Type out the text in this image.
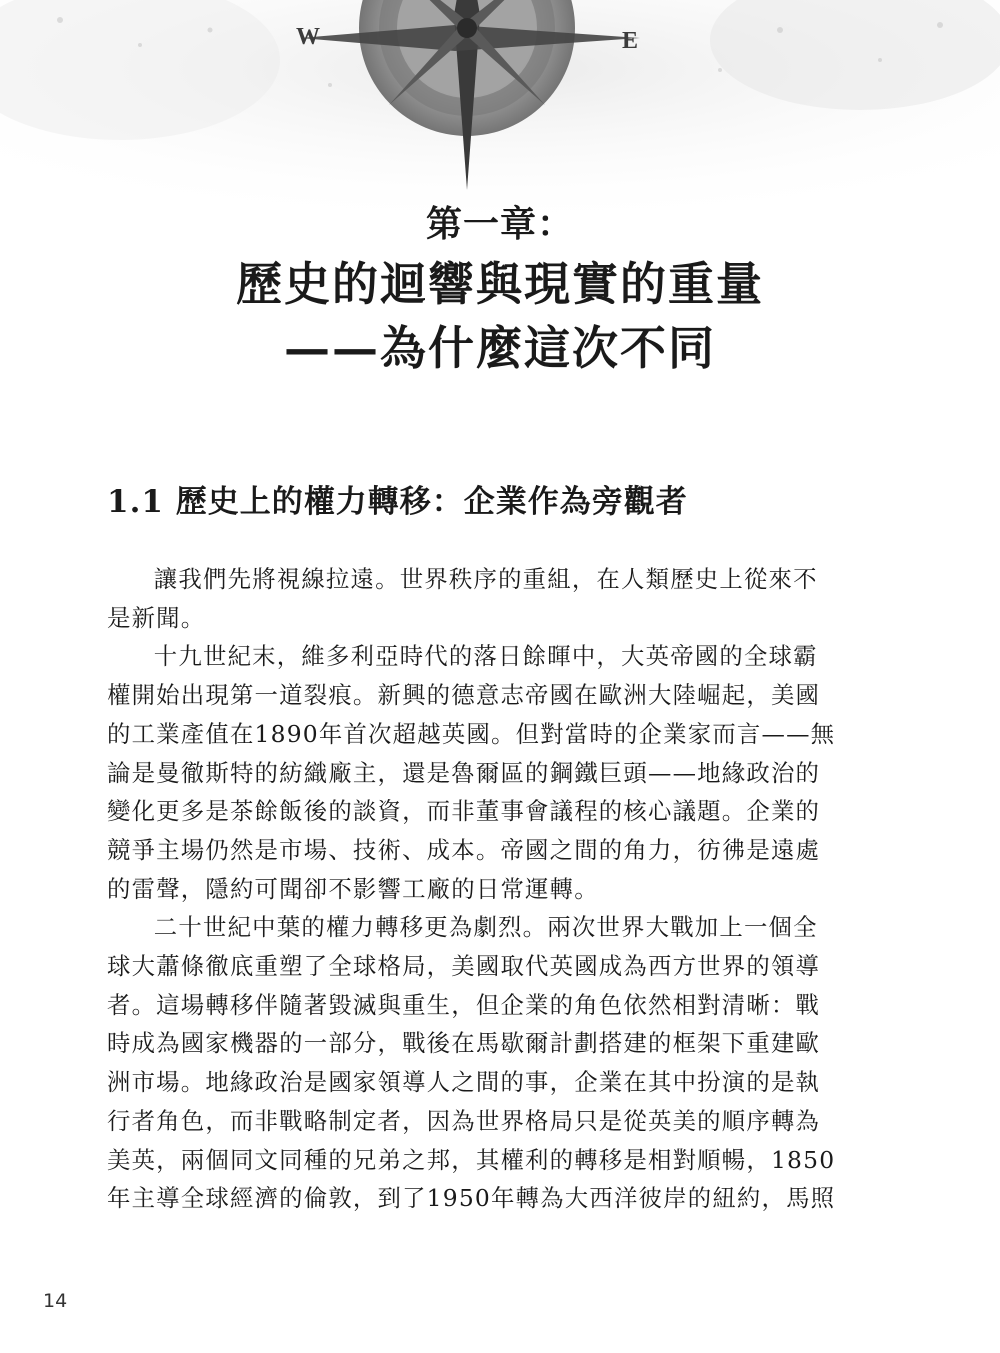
W	E
第一章：
歷史的迴響與現實的重量
——為什麼這次不同
1.1 歷史上的權力轉移：企業作為旁觀者

讓我們先將視線拉遠。世界秩序的重組，在人類歷史上從來不
是新聞。

十九世紀末，維多利亞時代的落日餘暉中，大英帝國的全球霸
權開始出現第一道裂痕。新興的德意志帝國在歐洲大陸崛起，美國
的工業產值在1890年首次超越英國。但對當時的企業家而言——無
論是曼徹斯特的紡織廠主，還是魯爾區的鋼鐵巨頭——地緣政治的
變化更多是茶餘飯後的談資，而非董事會議程的核心議題。企業的
競爭主場仍然是市場、技術、成本。帝國之間的角力，彷彿是遠處
的雷聲，隱約可聞卻不影響工廠的日常運轉。

二十世紀中葉的權力轉移更為劇烈。兩次世界大戰加上一個全
球大蕭條徹底重塑了全球格局，美國取代英國成為西方世界的領導
者。這場轉移伴隨著毀滅與重生，但企業的角色依然相對清晰：戰
時成為國家機器的一部分，戰後在馬歇爾計劃搭建的框架下重建歐
洲市場。地緣政治是國家領導人之間的事，企業在其中扮演的是執
行者角色，而非戰略制定者，因為世界格局只是從英美的順序轉為
美英，兩個同文同種的兄弟之邦，其權利的轉移是相對順暢，1850
年主導全球經濟的倫敦，到了1950年轉為大西洋彼岸的紐約，馬照

14
